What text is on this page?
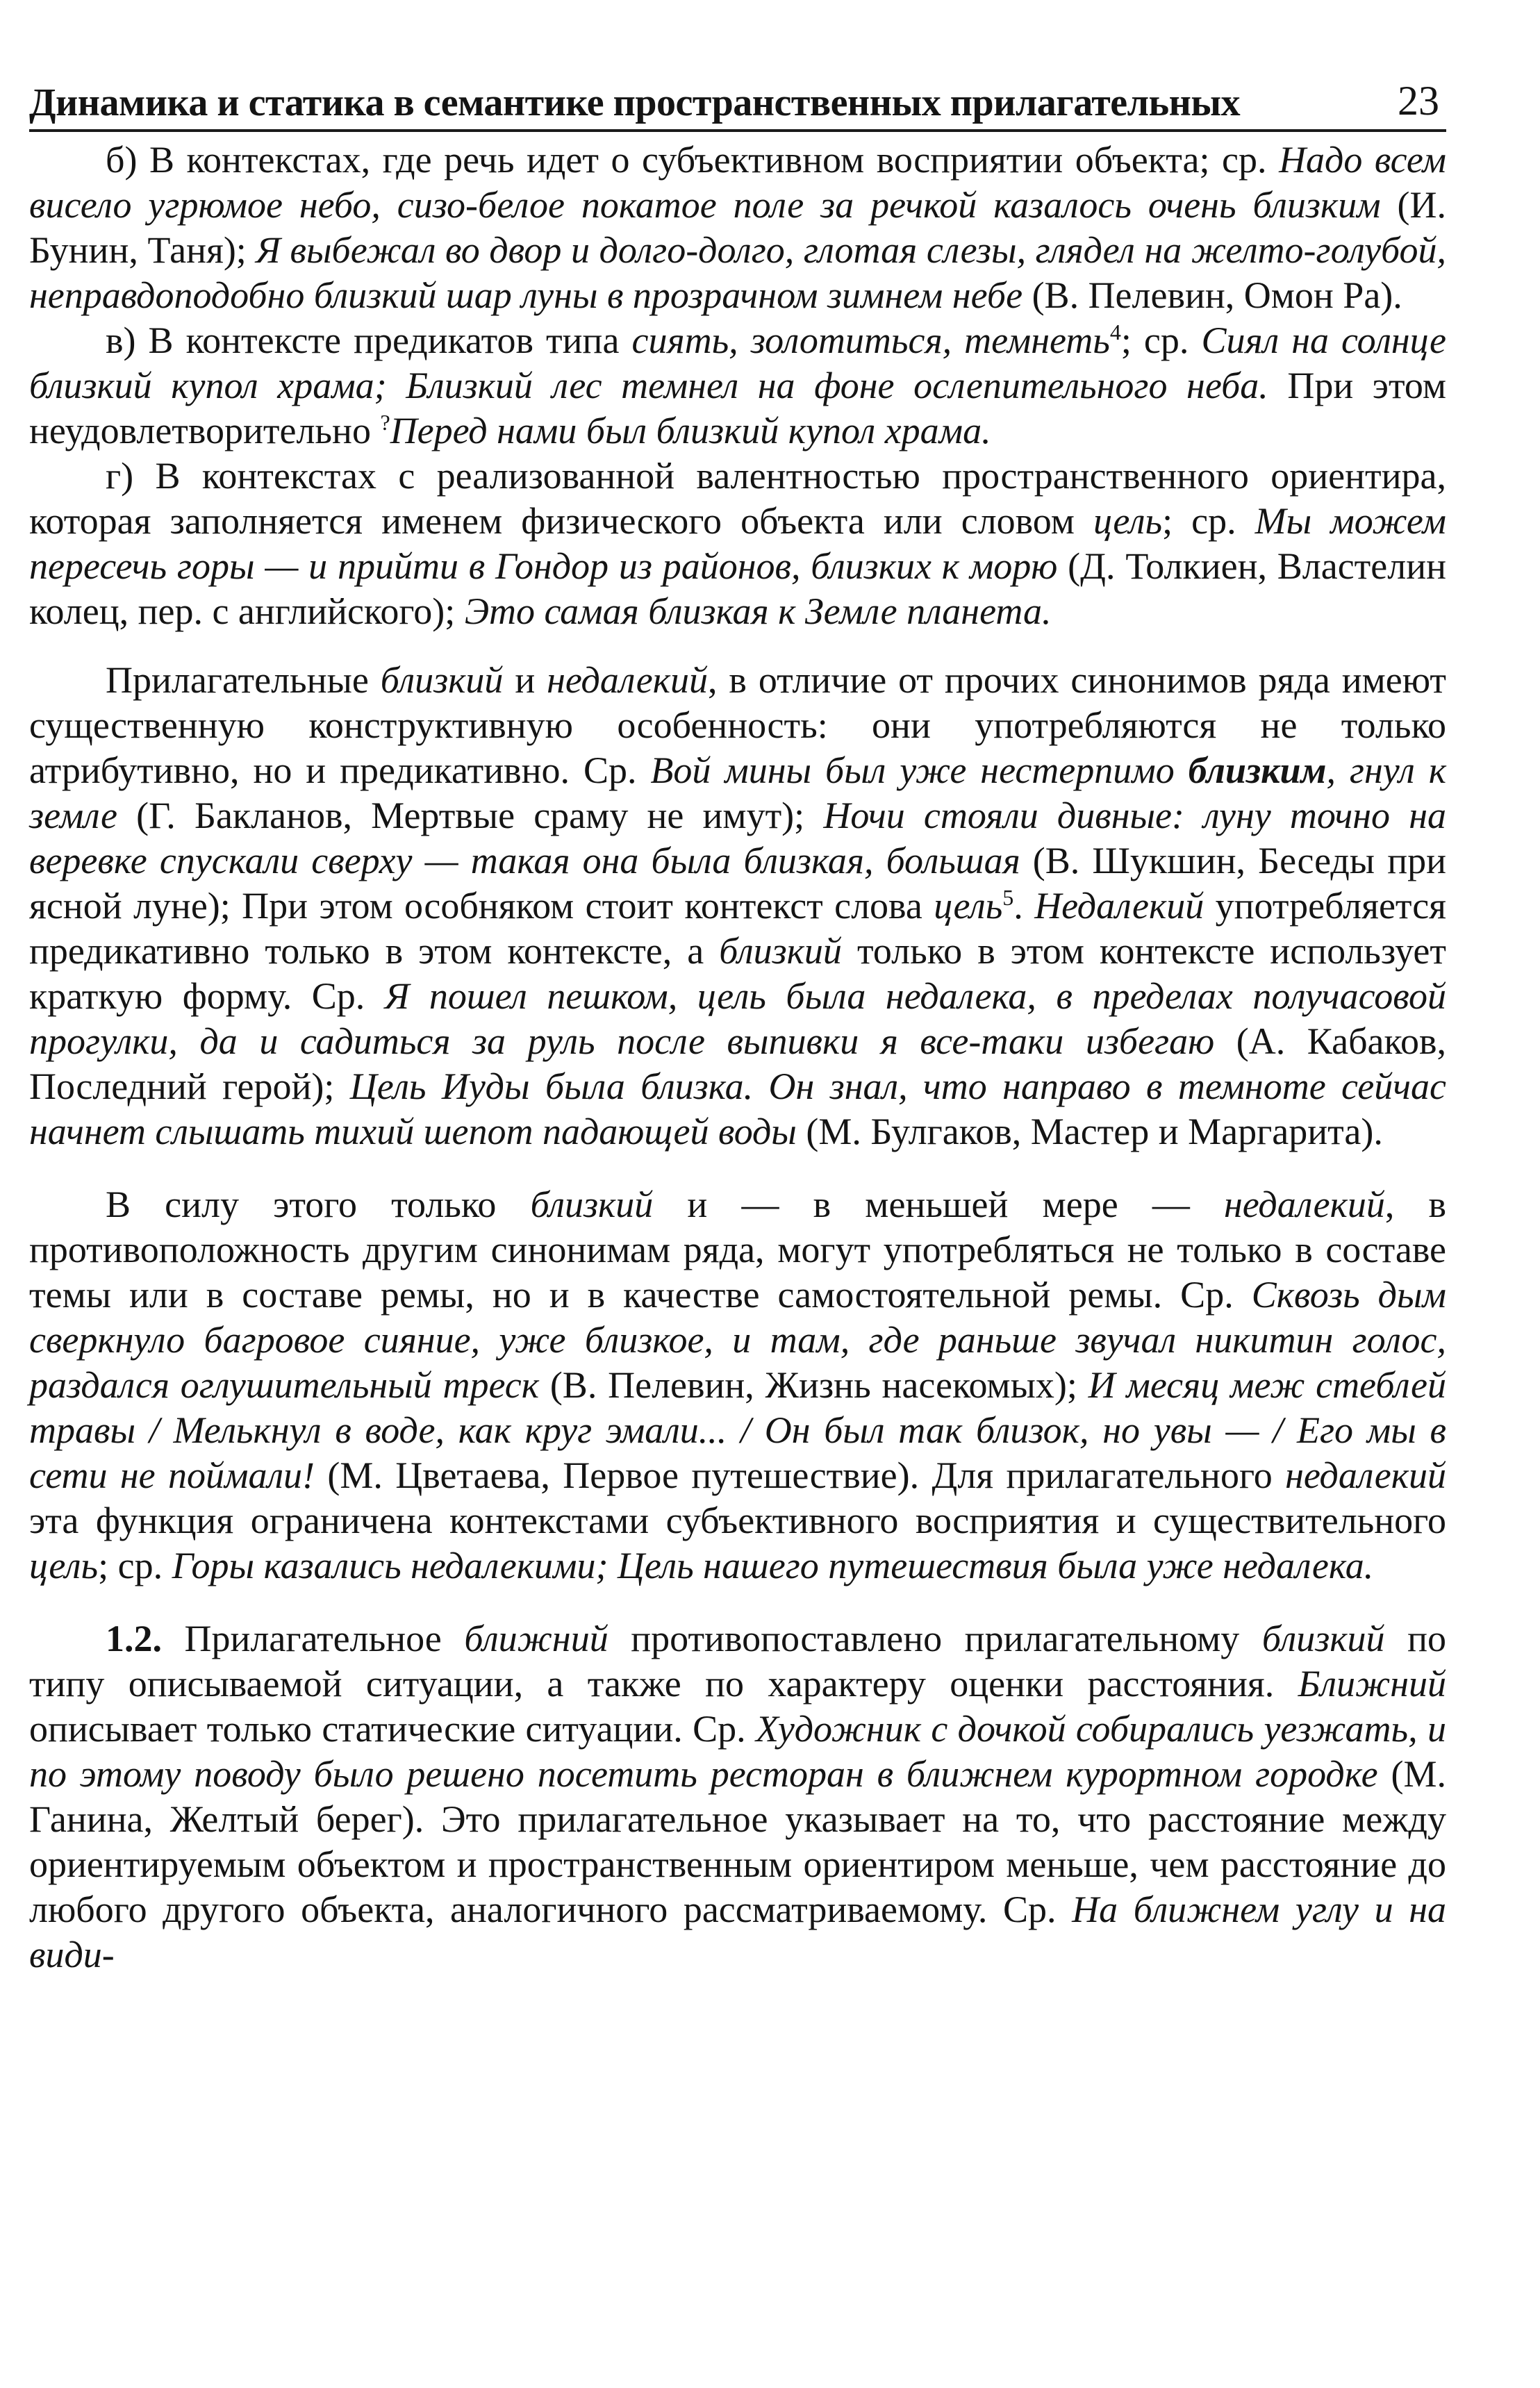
Динамика и статика в семантике пространственных прилагательных	23

б) В контекстах, где речь идет о субъективном восприятии объекта; ср. Надо всем висело угрюмое небо, сизо-белое покатое поле за речкой казалось очень близким (И. Бунин, Таня); Я выбежал во двор и долго-долго, глотая слезы, глядел на желто-голубой, неправдоподобно близкий шар луны в прозрачном зимнем небе (В. Пелевин, Омон Ра).

в) В контексте предикатов типа сиять, золотиться, темнеть$^4$; ср. Сиял на солнце близкий купол храма; Близкий лес темнел на фоне ослепительного неба. При этом неудовлетворительно ?Перед нами был близкий купол храма.

г) В контекстах с реализованной валентностью пространственного ориентира, которая заполняется именем физического объекта или словом цель; ср. Мы можем пересечь горы — и прийти в Гондор из районов, близких к морю (Д. Толкиен, Властелин колец, пер. с английского); Это самая близкая к Земле планета.

Прилагательные близкий и недалекий, в отличие от прочих синонимов ряда имеют существенную конструктивную особенность: они употребляются не только атрибутивно, но и предикативно. Ср. Вой мины был уже нестерпимо близким, гнул к земле (Г. Бакланов, Мертвые сраму не имут); Ночи стояли дивные: луну точно на веревке спускали сверху — такая она была близкая, большая (В. Шукшин, Беседы при ясной луне); При этом особняком стоит контекст слова цель$^5$. Недалекий употребляется предикативно только в этом контексте, а близкий только в этом контексте использует краткую форму. Ср. Я пошел пешком, цель была недалека, в пределах получасовой прогулки, да и садиться за руль после выпивки я все-таки избегаю (А. Кабаков, Последний герой); Цель Иуды была близка. Он знал, что направо в темноте сейчас начнет слышать тихий шепот падающей воды (М. Булгаков, Мастер и Маргарита).

В силу этого только близкий и — в меньшей мере — недалекий, в противоположность другим синонимам ряда, могут употребляться не только в составе темы или в составе ремы, но и в качестве самостоятельной ремы. Ср. Сквозь дым сверкнуло багровое сияние, уже близкое, и там, где раньше звучал никитин голос, раздался оглушительный треск (В. Пелевин, Жизнь насекомых); И месяц меж стеблей травы / Мелькнул в воде, как круг эмали... / Он был так близок, но увы — / Его мы в сети не поймали! (М. Цветаева, Первое путешествие). Для прилагательного недалекий эта функция ограничена контекстами субъективного восприятия и существительного цель; ср. Горы казались недалекими; Цель нашего путешествия была уже недалека.

1.2. Прилагательное ближний противопоставлено прилагательному близкий по типу описываемой ситуации, а также по характеру оценки расстояния. Ближний описывает только статические ситуации. Ср. Художник с дочкой собирались уезжать, и по этому поводу было решено посетить ресторан в ближнем курортном городке (М. Ганина, Желтый берег). Это прилагательное указывает на то, что расстояние между ориентируемым объектом и пространственным ориентиром меньше, чем расстояние до любого другого объекта, аналогичного рассматриваемому. Ср. На ближнем углу и на види-
